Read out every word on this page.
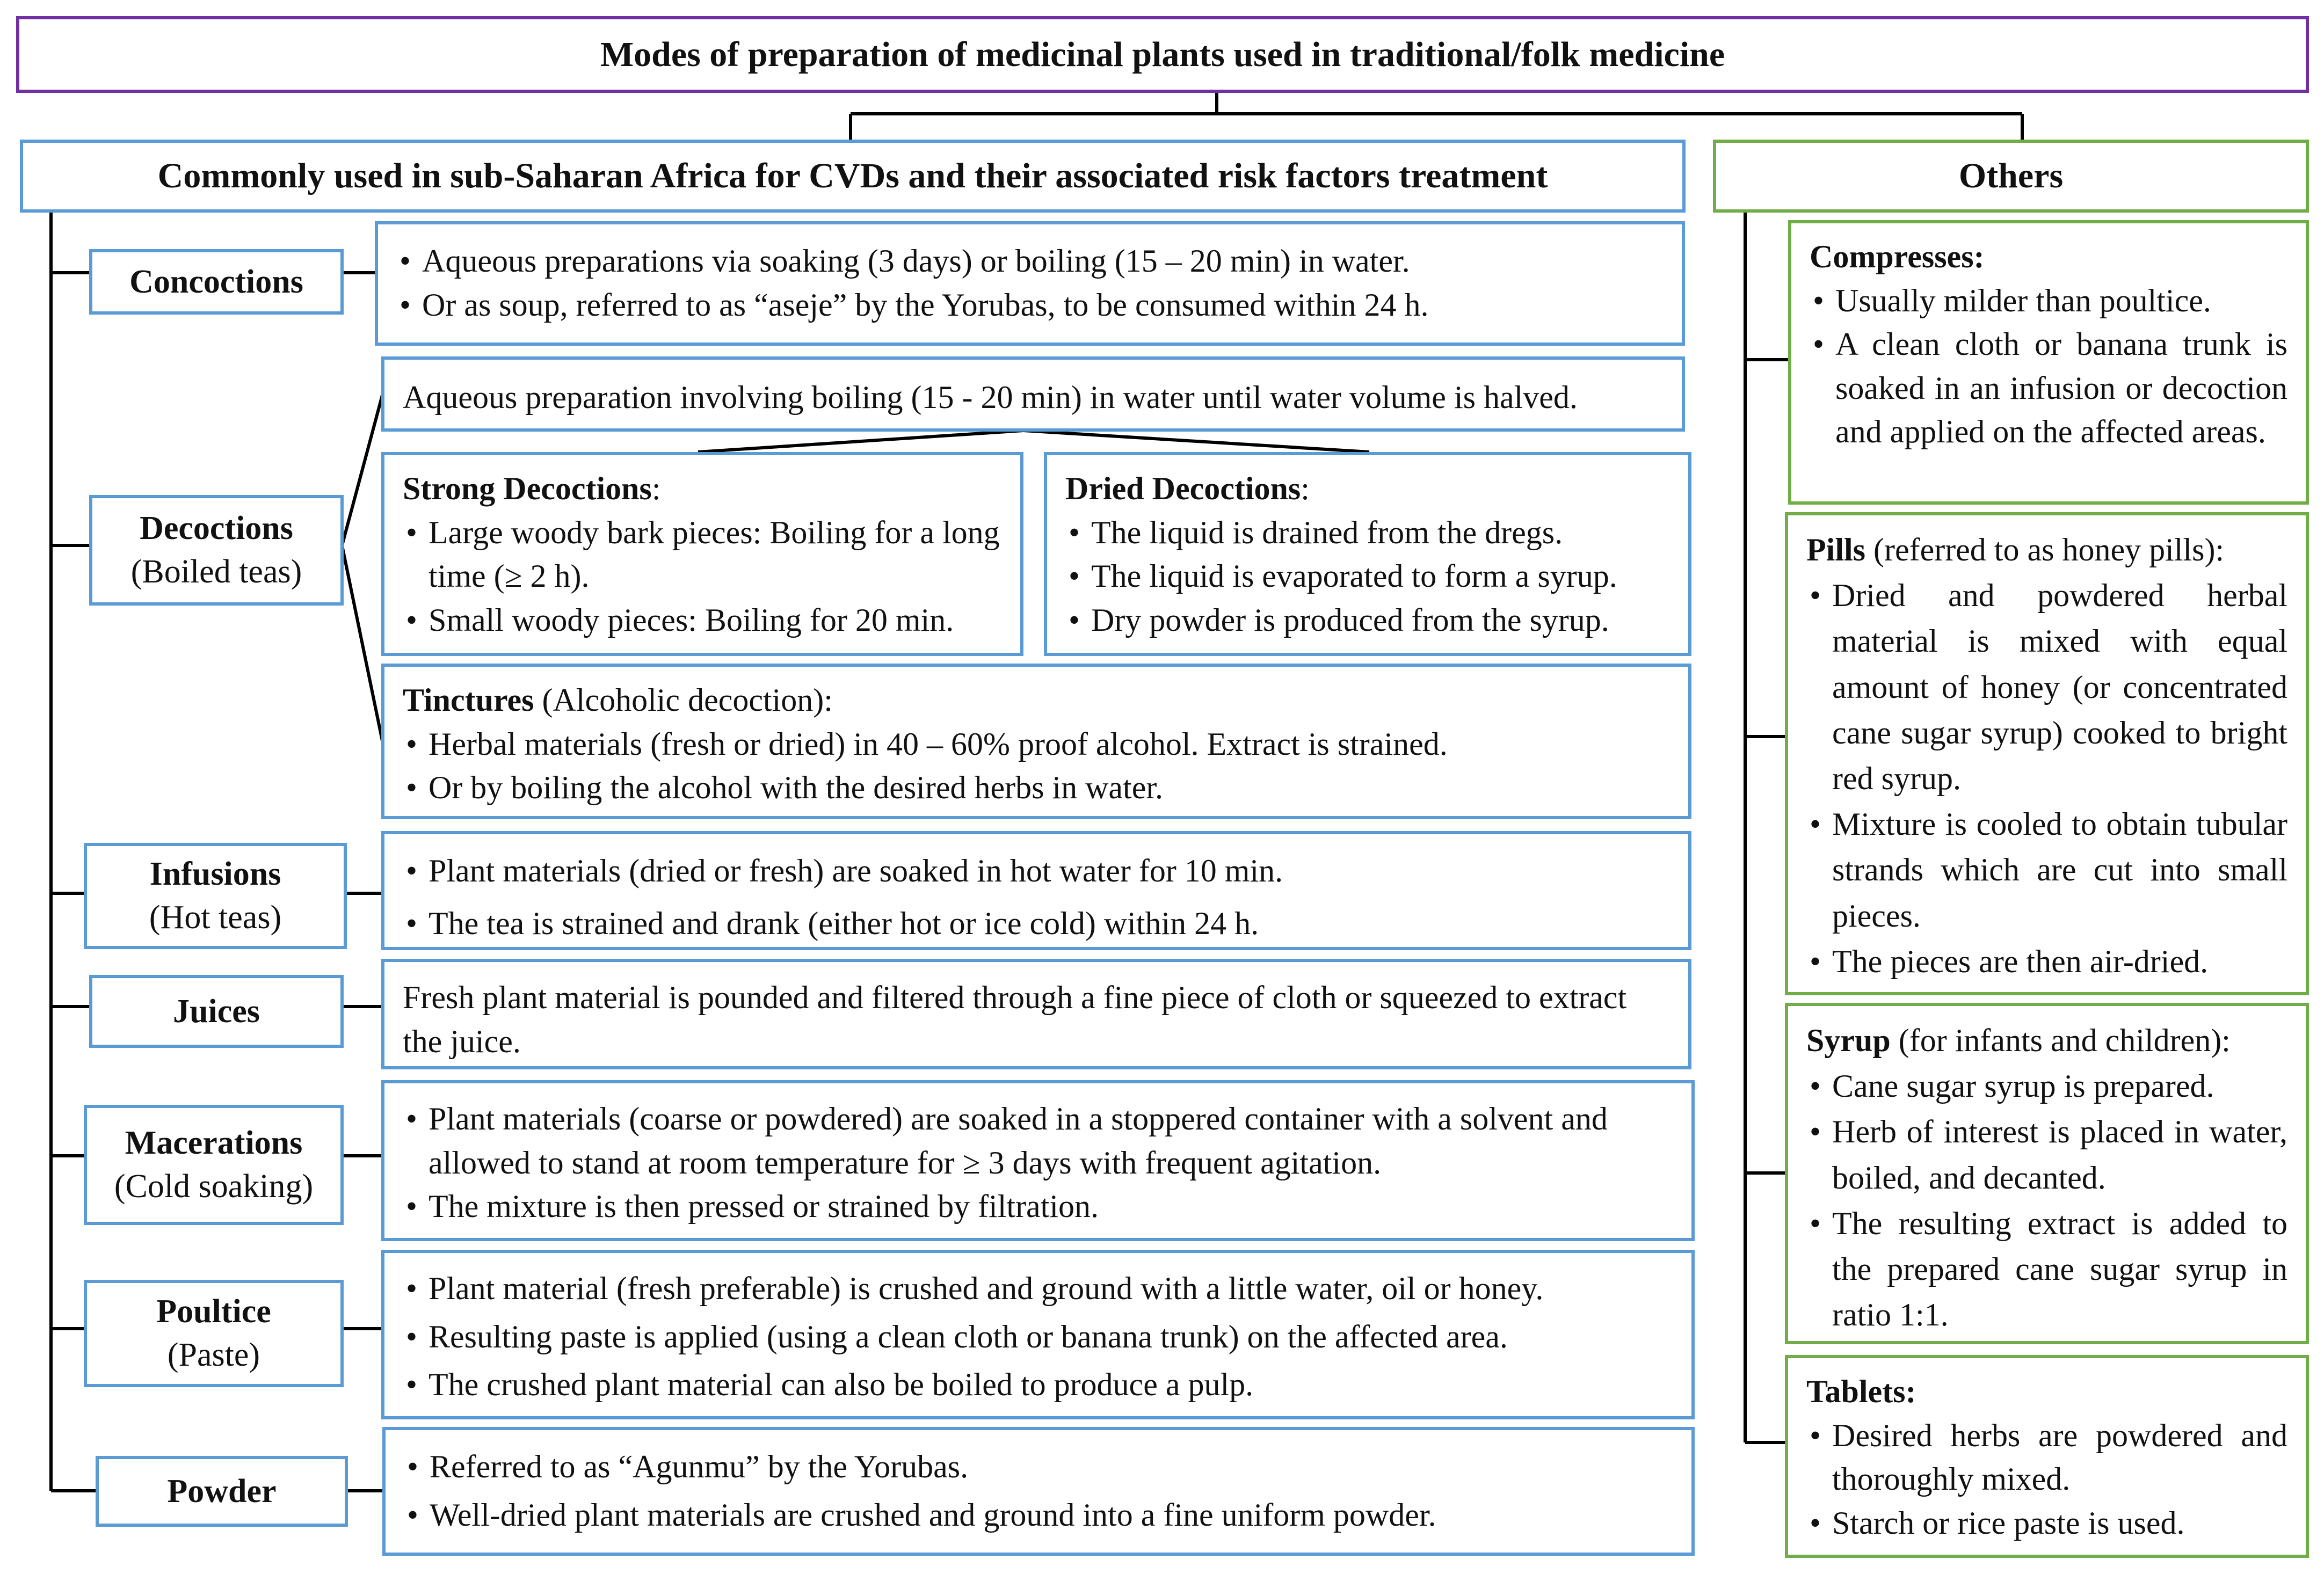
Modes of preparation of medicinal plants used in traditional/folk medicine
Commonly used in sub-Saharan Africa for CVDs and their associated risk factors treatment	Others
Concoctions
• Aqueous preparations via soaking (3 days) or boiling (15 – 20 min) in water.
• Or as soup, referred to as “aseje” by the Yorubas, to be consumed within 24 h.
Decoctions
(Boiled teas)
Aqueous preparation involving boiling (15 - 20 min) in water until water volume is halved.
Strong Decoctions:
• Large woody bark pieces: Boiling for a long time (≥ 2 h).
• Small woody pieces: Boiling for 20 min.
Dried Decoctions:
• The liquid is drained from the dregs.
• The liquid is evaporated to form a syrup.
• Dry powder is produced from the syrup.
Tinctures (Alcoholic decoction):
• Herbal materials (fresh or dried) in 40 – 60% proof alcohol. Extract is strained.
• Or by boiling the alcohol with the desired herbs in water.
Infusions
(Hot teas)
• Plant materials (dried or fresh) are soaked in hot water for 10 min.
• The tea is strained and drank (either hot or ice cold) within 24 h.
Juices	Fresh plant material is pounded and filtered through a fine piece of cloth or squeezed to extract the juice.
Macerations
(Cold soaking)
• Plant materials (coarse or powdered) are soaked in a stoppered container with a solvent and allowed to stand at room temperature for ≥ 3 days with frequent agitation.
• The mixture is then pressed or strained by filtration.
Poultice
(Paste)
• Plant material (fresh preferable) is crushed and ground with a little water, oil or honey.
• Resulting paste is applied (using a clean cloth or banana trunk) on the affected area.
• The crushed plant material can also be boiled to produce a pulp.
Powder
• Referred to as “Agunmu” by the Yorubas.
• Well-dried plant materials are crushed and ground into a fine uniform powder.
Compresses:
• Usually milder than poultice.
• A clean cloth or banana trunk is soaked in an infusion or decoction and applied on the affected areas.
Pills (referred to as honey pills):
• Dried and powdered herbal material is mixed with equal amount of honey (or concentrated cane sugar syrup) cooked to bright red syrup.
• Mixture is cooled to obtain tubular strands which are cut into small pieces.
• The pieces are then air-dried.
Syrup (for infants and children):
• Cane sugar syrup is prepared.
• Herb of interest is placed in water, boiled, and decanted.
• The resulting extract is added to the prepared cane sugar syrup in ratio 1:1.
Tablets:
• Desired herbs are powdered and thoroughly mixed.
• Starch or rice paste is used.
